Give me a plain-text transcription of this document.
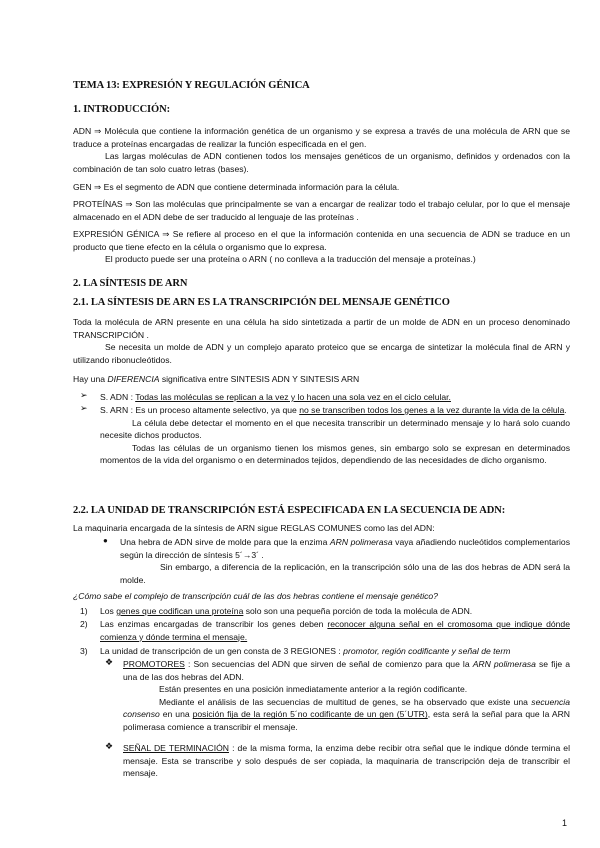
TEMA 13: EXPRESIÓN Y REGULACIÓN GÉNICA
1. INTRODUCCIÓN:

ADN ⇒ Molécula que contiene la información genética de un organismo y se expresa a través de una molécula de ARN que se traduce a proteínas encargadas de realizar la función especificada en el gen.

Las largas moléculas de ADN contienen todos los mensajes genéticos de un organismo, definidos y ordenados con la combinación de tan solo cuatro letras (bases).

GEN ⇒ Es el segmento de ADN que contiene determinada información para la célula.
PROTEÍNAS ⇒ Son las moléculas que principalmente se van a encargar de realizar todo el trabajo celular, por lo que el mensaje almacenado en el ADN debe de ser traducido al lenguaje de las proteínas .

EXPRESIÓN GÉNICA ⇒ Se refiere al proceso en el que la información contenida en una secuencia de ADN se traduce en un producto que tiene efecto en la célula o organismo que lo expresa.

El producto puede ser una proteína o ARN ( no conlleva a la traducción del mensaje a proteínas.)

2. LA SÍNTESIS DE ARN
2.1. LA SÍNTESIS DE ARN ES LA TRANSCRIPCIÓN DEL MENSAJE GENÉTICO

Toda la molécula de ARN presente en una célula ha sido sintetizada a partir de un molde de ADN en un proceso denominado TRANSCRIPCIÓN .

Se necesita un molde de ADN y un complejo aparato proteico que se encarga de sintetizar la molécula final de ARN y utilizando ribonucleótidos.

Hay una DIFERENCIA significativa entre SINTESIS ADN Y SINTESIS ARN
➢ S. ADN : Todas las moléculas se replican a la vez y lo hacen una sola vez en el ciclo celular.
➢ S. ARN : Es un proceso altamente selectivo, ya que no se transcriben todos los genes a la vez durante la vida de la célula.

La célula debe detectar el momento en el que necesita transcribir un determinado mensaje y lo hará solo cuando necesite dichos productos.

Todas las células de un organismo tienen los mismos genes, sin embargo solo se expresan en determinados momentos de la vida del organismo o en determinados tejidos, dependiendo de las necesidades de dicho organismo.

2.2. LA UNIDAD DE TRANSCRIPCIÓN ESTÁ ESPECIFICADA EN LA SECUENCIA DE ADN:
La maquinaria encargada de la síntesis de ARN sigue REGLAS COMUNES como las del ADN:
● Una hebra de ADN sirve de molde para que la enzima ARN polimerasa vaya añadiendo nucleótidos complementarios según la dirección de síntesis 5´→3´ .

Sin embargo, a diferencia de la replicación, en la transcripción sólo una de las dos hebras de ADN será la molde.

¿Cómo sabe el complejo de transcripción cuál de las dos hebras contiene el mensaje genético?
1)	Los genes que codifican una proteína solo son una pequeña porción de toda la molécula de ADN.
2)	Las enzimas encargadas de transcribir los genes deben reconocer alguna señal en el cromosoma que indique dónde comienza y dónde termina el mensaje.
3)	La unidad de transcripción de un gen consta de 3 REGIONES : promotor, región codificante y señal de term
❖ PROMOTORES : Son secuencias del ADN que sirven de señal de comienzo para que la ARN polimerasa se fije a una de las dos hebras del ADN.

Están presentes en una posición inmediatamente anterior a la región codificante.

Mediante el análisis de las secuencias de multitud de genes, se ha observado que existe una secuencia consenso en una posición fija de la región 5´no codificante de un gen (5´UTR), esta será la señal para que la ARN polimerasa comience a transcribir el mensaje.

❖ SEÑAL DE TERMINACIÓN : de la misma forma, la enzima debe recibir otra señal que le indique dónde termina el mensaje. Esta se transcribe y solo después de ser copiada, la maquinaria de transcripción deja de transcribir el mensaje.
1
